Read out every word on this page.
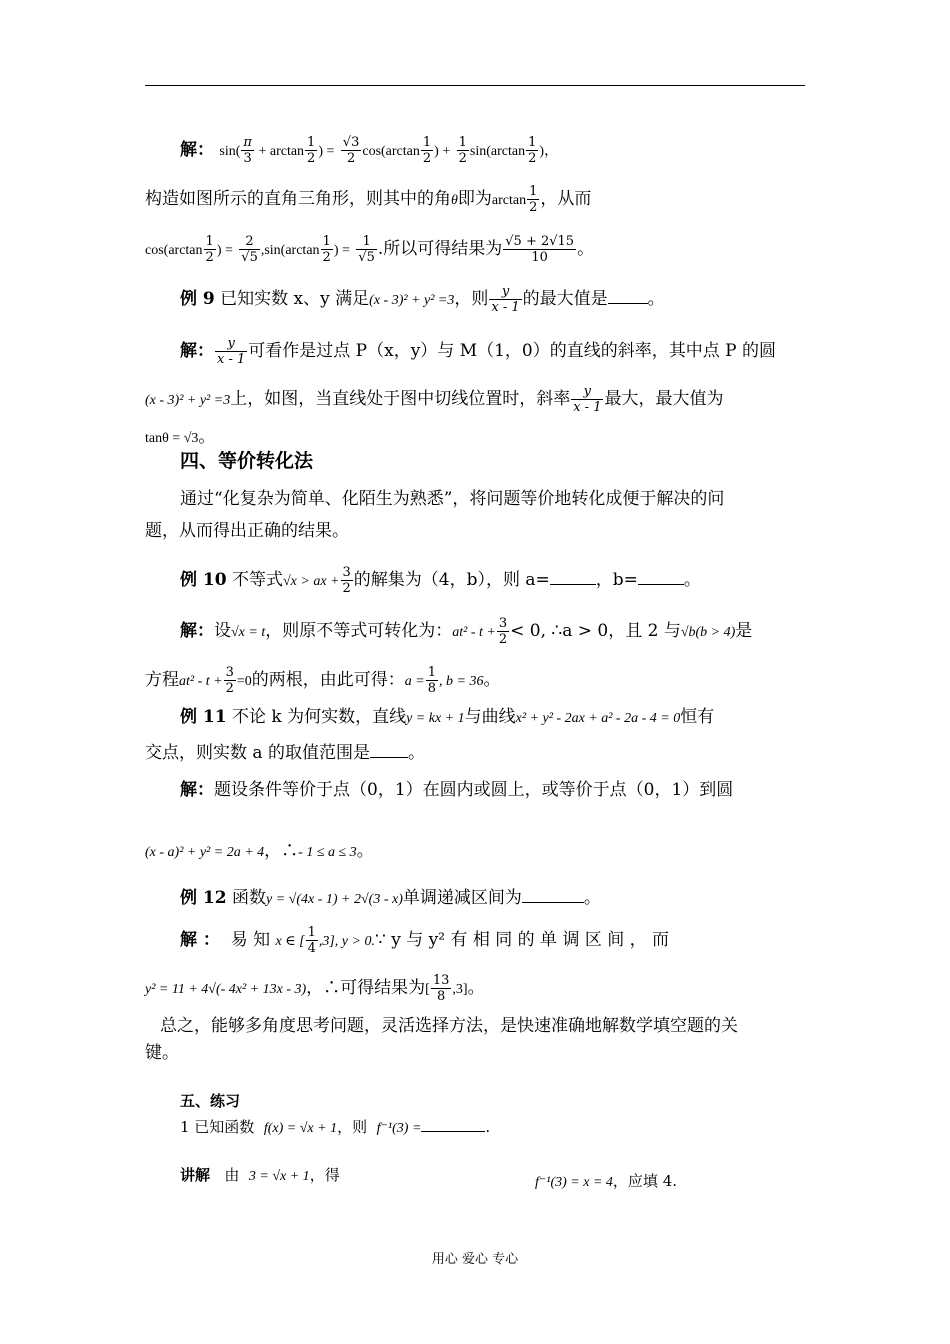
解： $\sin( \frac{\pi}{3} + \arctan \frac{1}{2}$ ) = $\frac{√3}{2} \cos(\arctan \frac{1}{2}$ ) + $\frac{1}{2} \sin(\arctan \frac{1}{2}$ )，
构造如图所示的直角三角形，则其中的角θ即为$\arctan \frac{1}{2}$ ，从而
$\cos(\arctan \frac{1}{2}$ ) = $\frac{2}{√5} ,\sin(\arctan \frac{1}{2}$ ) = $\frac{1}{√5}$ .所以可得结果为 $\frac{√5 + 2√15}{10}$ 。
例 9 已知实数 x、y 满足(x - 3)² + y² =3，则 $\frac{y}{x - 1}$ 的最大值是 。
解： $\frac{y}{x - 1}$ 可看作是过点 P（x，y）与 M（1，0）的直线的斜率，其中点 P 的圆
(x - 3)² + y² =3上，如图，当直线处于图中切线位置时，斜率 $\frac{y}{x - 1}$ 最大，最大值为
tanθ = √3。
四、等价转化法
通过“化复杂为简单、化陌生为熟悉”，将问题等价地转化成便于解决的问
题，从而得出正确的结果。
例 10 不等式√x > ax + $\frac{3}{2}$ 的解集为（4，b），则 a=	，b=	。
解：设√x = t，则原不等式可转化为：$at^2 - t + \frac{3}{2} < 0$, ∴a > 0，且 2 与√b(b > 4)是
方程$at^2 - t + \frac{3}{2} =0$的两根，由此可得：$a = \frac{1}{8}$ , b = 36。
例 11 不论 k 为何实数，直线y = kx + 1与曲线x² + y² - 2ax + a² - 2a - 4 = 0恒有
交点，则实数 a 的取值范围是 。
解：题设条件等价于点（0，1）在圆内或圆上，或等价于点（0，1）到圆
(x - a)² + y² = 2a + 4，∴- 1 ≤ a ≤ 3。
例 12 函数y = √(4x - 1) + 2√(3 - x)单调递减区间为	。
解 ： 易 知 x ∈ [ $\frac{1}{4} ,3$], y > 0.∵ y 与 y² 有 相 同 的 单 调 区 间 ， 而
y² = 11 + 4√(- 4x² + 13x - 3)，∴可得结果为[ $\frac{13}{8} ,3$]。
总之，能够多角度思考问题，灵活选择方法，是快速准确地解数学填空题的关
键。
五、练习
1 已知函数 f(x) = √x + 1，则 f⁻¹(3) =	.
讲解 由 3 = √x + 1，得	f⁻¹(3) = x = 4，应填 4.
用心 爱心 专心
